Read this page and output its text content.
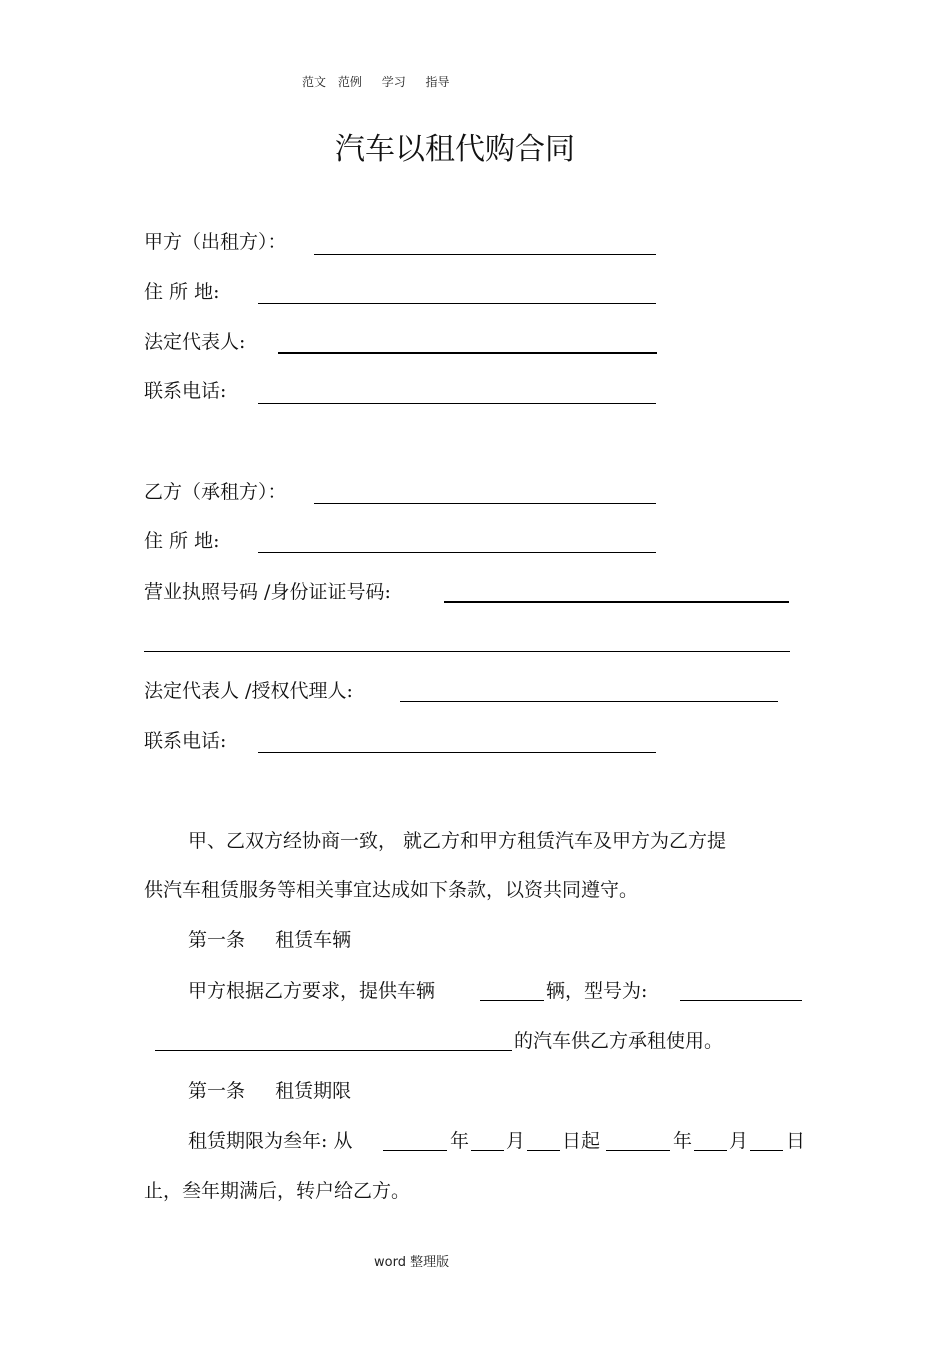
范文 范例 学习 指导
汽车以租代购合同
甲方（出租方）：
住 所 地:
法定代表人:
联系电话:
乙方（承租方）：
住 所 地:
营业执照号码 /身份证证号码:
法定代表人 /授权代理人:
联系电话:
甲、乙双方经协商一致， 就乙方和甲方租赁汽车及甲方为乙方提
供汽车租赁服务等相关事宜达成如下条款，以资共同遵守。
第一条 租赁车辆
甲方根据乙方要求，提供车辆	辆，型号为:
的汽车供乙方承租使用。
第一条 租赁期限
租赁期限为叁年: 从	年 月 日起	年 月 日
止，叁年期满后，转户给乙方。
word 整理版
